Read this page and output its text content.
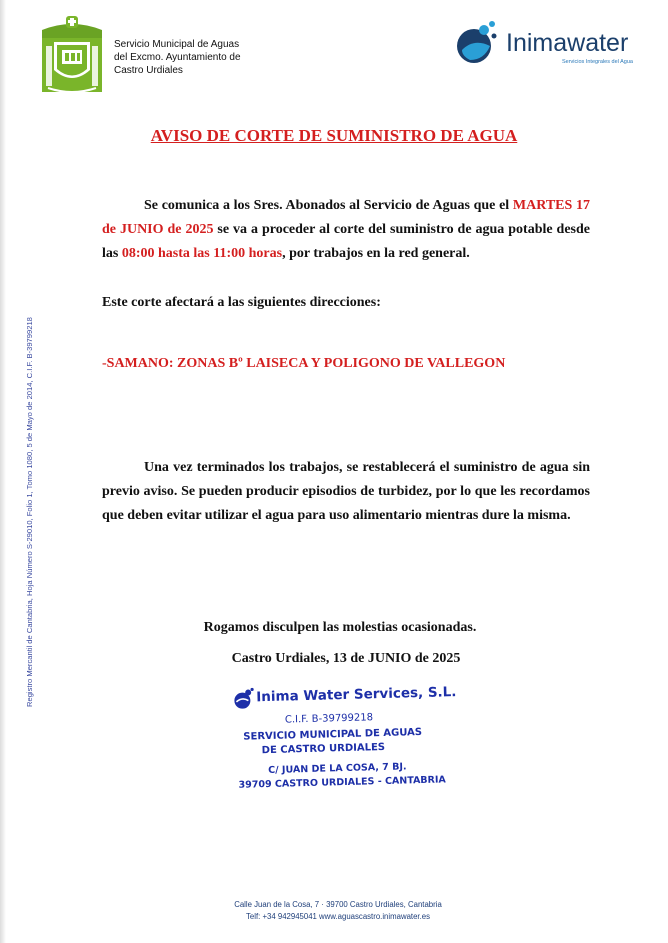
Servicio Municipal de Aguas
del Excmo. Ayuntamiento de
Castro Urdiales
Inimawater
Servicios Integrales del Agua
AVISO DE CORTE DE SUMINISTRO DE AGUA
Se comunica a los Sres. Abonados al Servicio de Aguas que el MARTES 17 de JUNIO de 2025 se va a proceder al corte del suministro de agua potable desde las 08:00 hasta las 11:00 horas, por trabajos en la red general.
Este corte afectará a las siguientes direcciones:
-SAMANO: ZONAS Bº LAISECA Y POLIGONO DE VALLEGON
Una vez terminados los trabajos, se restablecerá el suministro de agua sin previo aviso. Se pueden producir episodios de turbidez, por lo que les recordamos que deben evitar utilizar el agua para uso alimentario mientras dure la misma.
Rogamos disculpen las molestias ocasionadas.
Castro Urdiales, 13 de JUNIO de 2025
Inima Water Services, S.L.
C.I.F. B-39799218
SERVICIO MUNICIPAL DE AGUAS
DE CASTRO URDIALES
C/ JUAN DE LA COSA, 7 BJ.
39709 CASTRO URDIALES - CANTABRIA
Registro Mercantil de Cantabria, Hoja Número S-29010, Folio 1, Tomo 1080, 5 de Mayo de 2014, C.I.F. B-39799218
Calle Juan de la Cosa, 7 · 39700 Castro Urdiales, Cantabria
Telf: +34 942945041 www.aguascastro.inimawater.es
